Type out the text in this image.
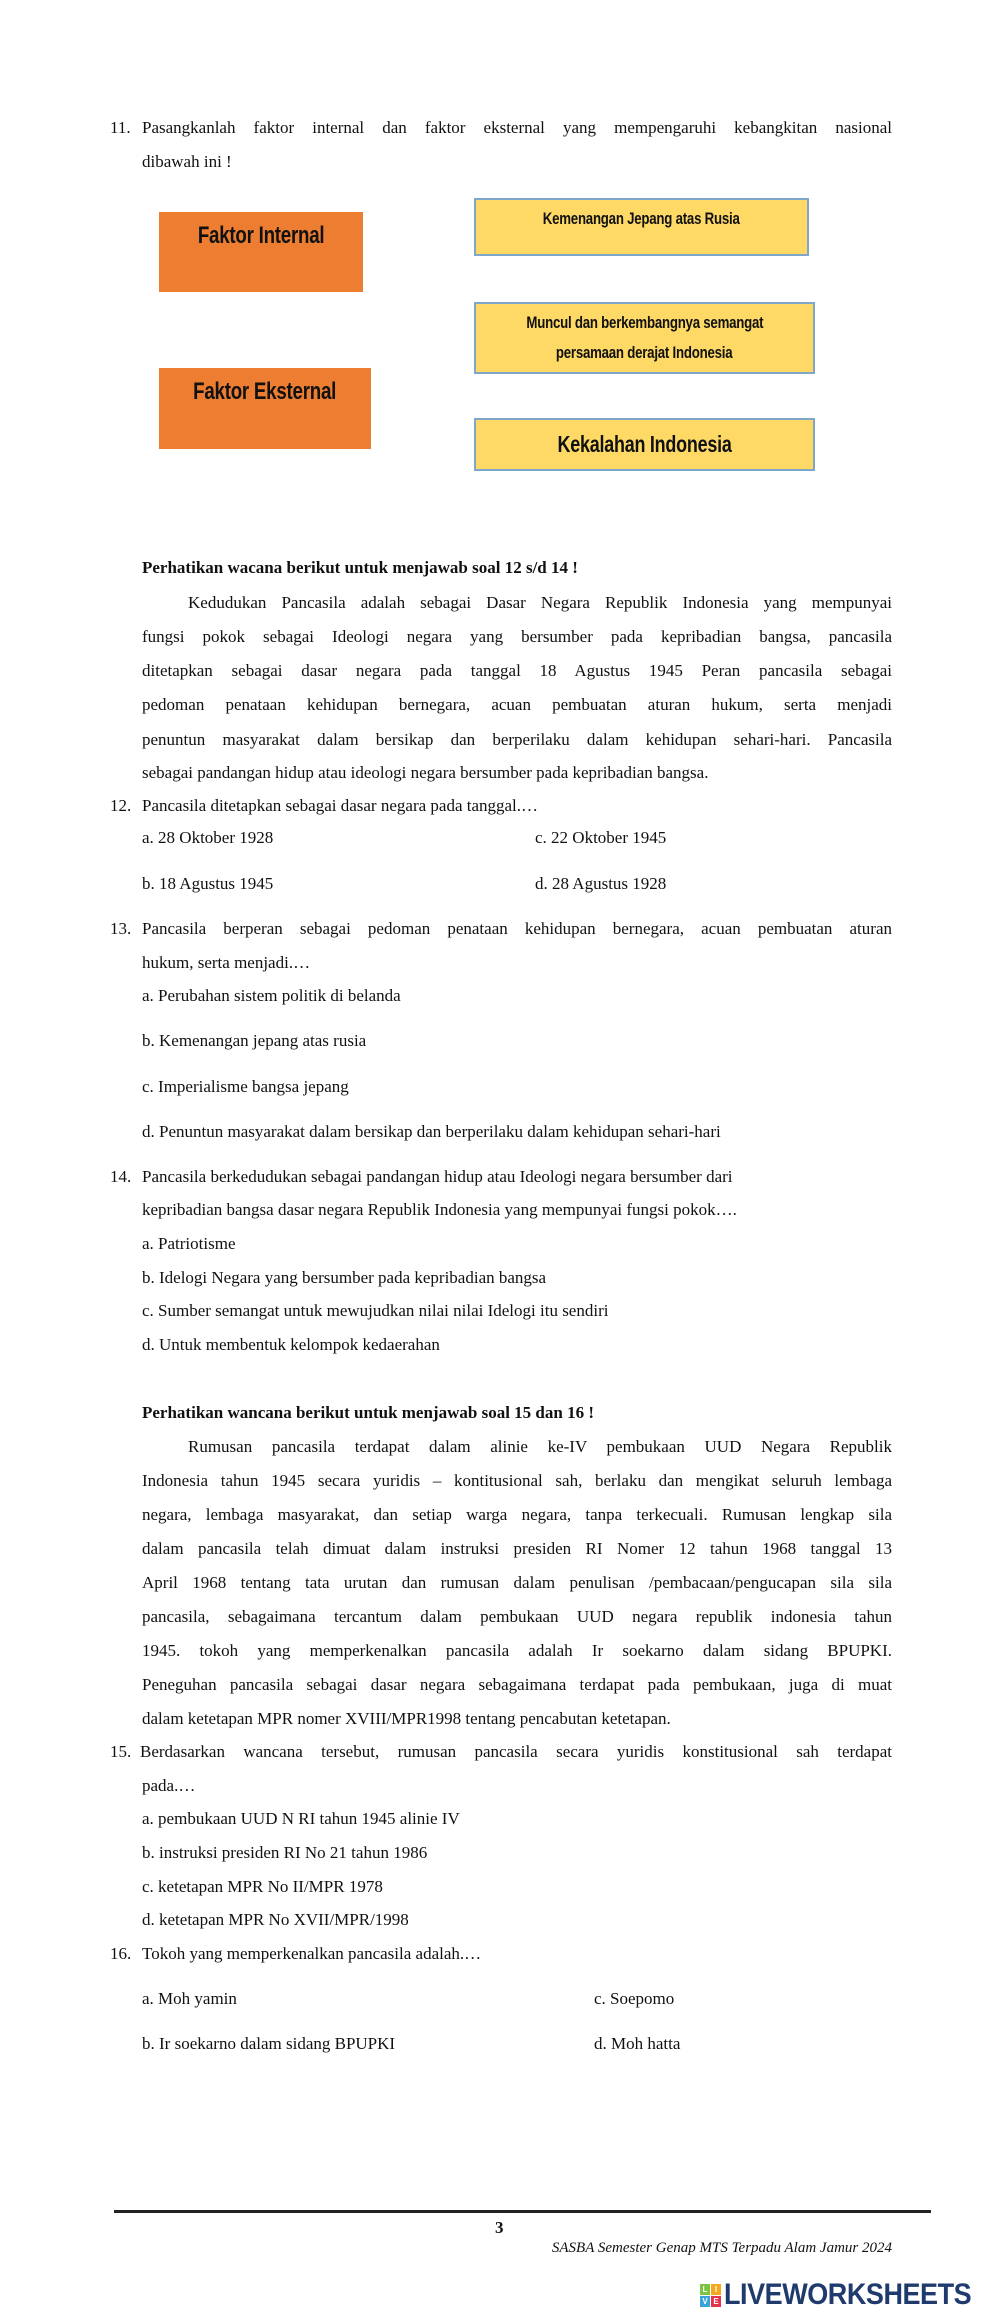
11. Pasangkanlah faktor internal dan faktor eksternal yang mempengaruhi kebangkitan nasional
dibawah ini !
Faktor Internal
Faktor Eksternal
Kemenangan Jepang atas Rusia
Muncul dan berkembangnya semangat
persamaan derajat Indonesia
Kekalahan Indonesia
Perhatikan wacana berikut untuk menjawab soal 12 s/d 14 !
Kedudukan Pancasila adalah sebagai Dasar Negara Republik Indonesia yang mempunyai
fungsi pokok sebagai Ideologi negara yang bersumber pada kepribadian bangsa, pancasila
ditetapkan sebagai dasar negara pada tanggal 18 Agustus 1945 Peran pancasila sebagai
pedoman penataan kehidupan bernegara, acuan pembuatan aturan hukum, serta menjadi
penuntun masyarakat dalam bersikap dan berperilaku dalam kehidupan sehari-hari. Pancasila
sebagai pandangan hidup atau ideologi negara bersumber pada kepribadian bangsa.
12. Pancasila ditetapkan sebagai dasar negara pada tanggal.…
a. 28 Oktober 1928
b. 18 Agustus 1945
c. 22 Oktober 1945
d. 28 Agustus 1928
13. Pancasila berperan sebagai pedoman penataan kehidupan bernegara, acuan pembuatan aturan
hukum, serta menjadi.…
a. Perubahan sistem politik di belanda
b. Kemenangan jepang atas rusia
c. Imperialisme bangsa jepang
d. Penuntun masyarakat dalam bersikap dan berperilaku dalam kehidupan sehari-hari
14. Pancasila berkedudukan sebagai pandangan hidup atau Ideologi negara bersumber dari
kepribadian bangsa dasar negara Republik Indonesia yang mempunyai fungsi pokok….
a. Patriotisme
b. Idelogi Negara yang bersumber pada kepribadian bangsa
c. Sumber semangat untuk mewujudkan nilai nilai Idelogi itu sendiri
d. Untuk membentuk kelompok kedaerahan
Perhatikan wancana berikut untuk menjawab soal 15 dan 16 !
Rumusan pancasila terdapat dalam alinie ke-IV pembukaan UUD Negara Republik
Indonesia tahun 1945 secara yuridis – kontitusional sah, berlaku dan mengikat seluruh lembaga
negara, lembaga masyarakat, dan setiap warga negara, tanpa terkecuali. Rumusan lengkap sila
dalam pancasila telah dimuat dalam instruksi presiden RI Nomer 12 tahun 1968 tanggal 13
April 1968 tentang tata urutan dan rumusan dalam penulisan /pembacaan/pengucapan sila sila
pancasila, sebagaimana tercantum dalam pembukaan UUD negara republik indonesia tahun
1945. tokoh yang memperkenalkan pancasila adalah Ir soekarno dalam sidang BPUPKI.
Peneguhan pancasila sebagai dasar negara sebagaimana terdapat pada pembukaan, juga di muat
dalam ketetapan MPR nomer XVIII/MPR1998 tentang pencabutan ketetapan.
15. Berdasarkan wancana tersebut, rumusan pancasila secara yuridis konstitusional sah terdapat
pada.…
a. pembukaan UUD N RI tahun 1945 alinie IV
b. instruksi presiden RI No 21 tahun 1986
c. ketetapan MPR No II/MPR 1978
d. ketetapan MPR No XVII/MPR/1998
16. Tokoh yang memperkenalkan pancasila adalah.…
a. Moh yamin
b. Ir soekarno dalam sidang BPUPKI
c. Soepomo
d. Moh hatta
3
SASBA Semester Genap MTS Terpadu Alam Jamur 2024
L I
V E LIVEWORKSHEETS
